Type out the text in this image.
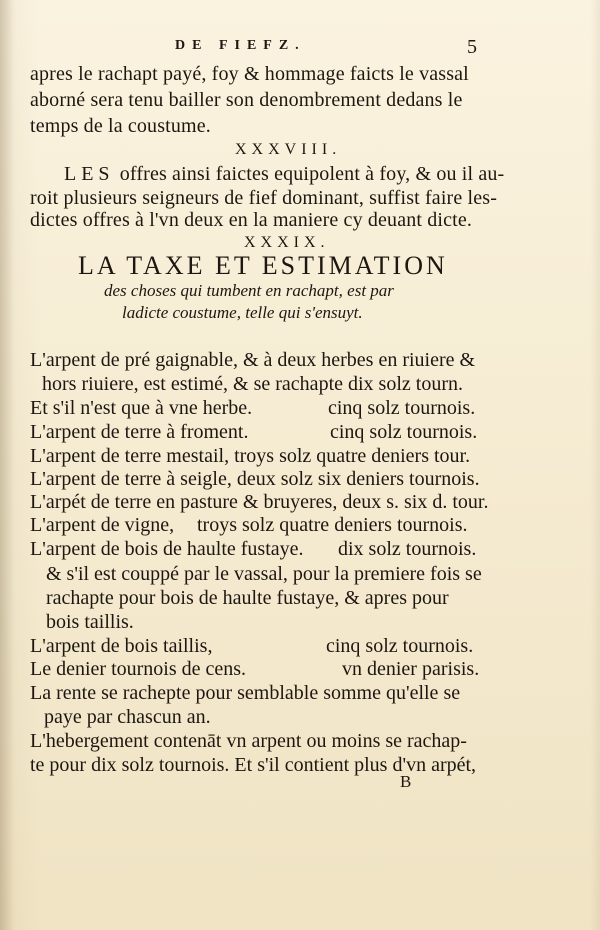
DE FIEFZ.	5
apres le rachapt payé, foy & hommage faicts le vassal
aborné sera tenu bailler son denombrement dedans le
temps de la coustume.
XXXVIII.
LES offres ainsi faictes equipolent à foy, & ou il au-
roit plusieurs seigneurs de fief dominant, suffist faire les-
dictes offres à l'vn deux en la maniere cy deuant dicte.
XXXIX.
LA TAXE ET ESTIMATION
des choses qui tumbent en rachapt, est par
ladicte coustume, telle qui s'ensuyt.
L'arpent de pré gaignable, & à deux herbes en riuiere &
hors riuiere, est estimé, & se rachapte dix solz tourn.
Et s'il n'est que à vne herbe.	cinq solz tournois.
L'arpent de terre à froment.	cinq solz tournois.
L'arpent de terre mestail, troys solz quatre deniers tour.
L'arpent de terre à seigle, deux solz six deniers tournois.
L'arpét de terre en pasture & bruyeres, deux s. six d. tour.
L'arpent de vigne, troys solz quatre deniers tournois.
L'arpent de bois de haulte fustaye. dix solz tournois.
& s'il est couppé par le vassal, pour la premiere fois se
rachapte pour bois de haulte fustaye, & apres pour
bois taillis.
L'arpent de bois taillis,	cinq solz tournois.
Le denier tournois de cens.	vn denier parisis.
La rente se rachepte pour semblable somme qu'elle se
paye par chascun an.
L'hebergement contenāt vn arpent ou moins se rachap-
te pour dix solz tournois. Et s'il contient plus d'vn arpét,
B
